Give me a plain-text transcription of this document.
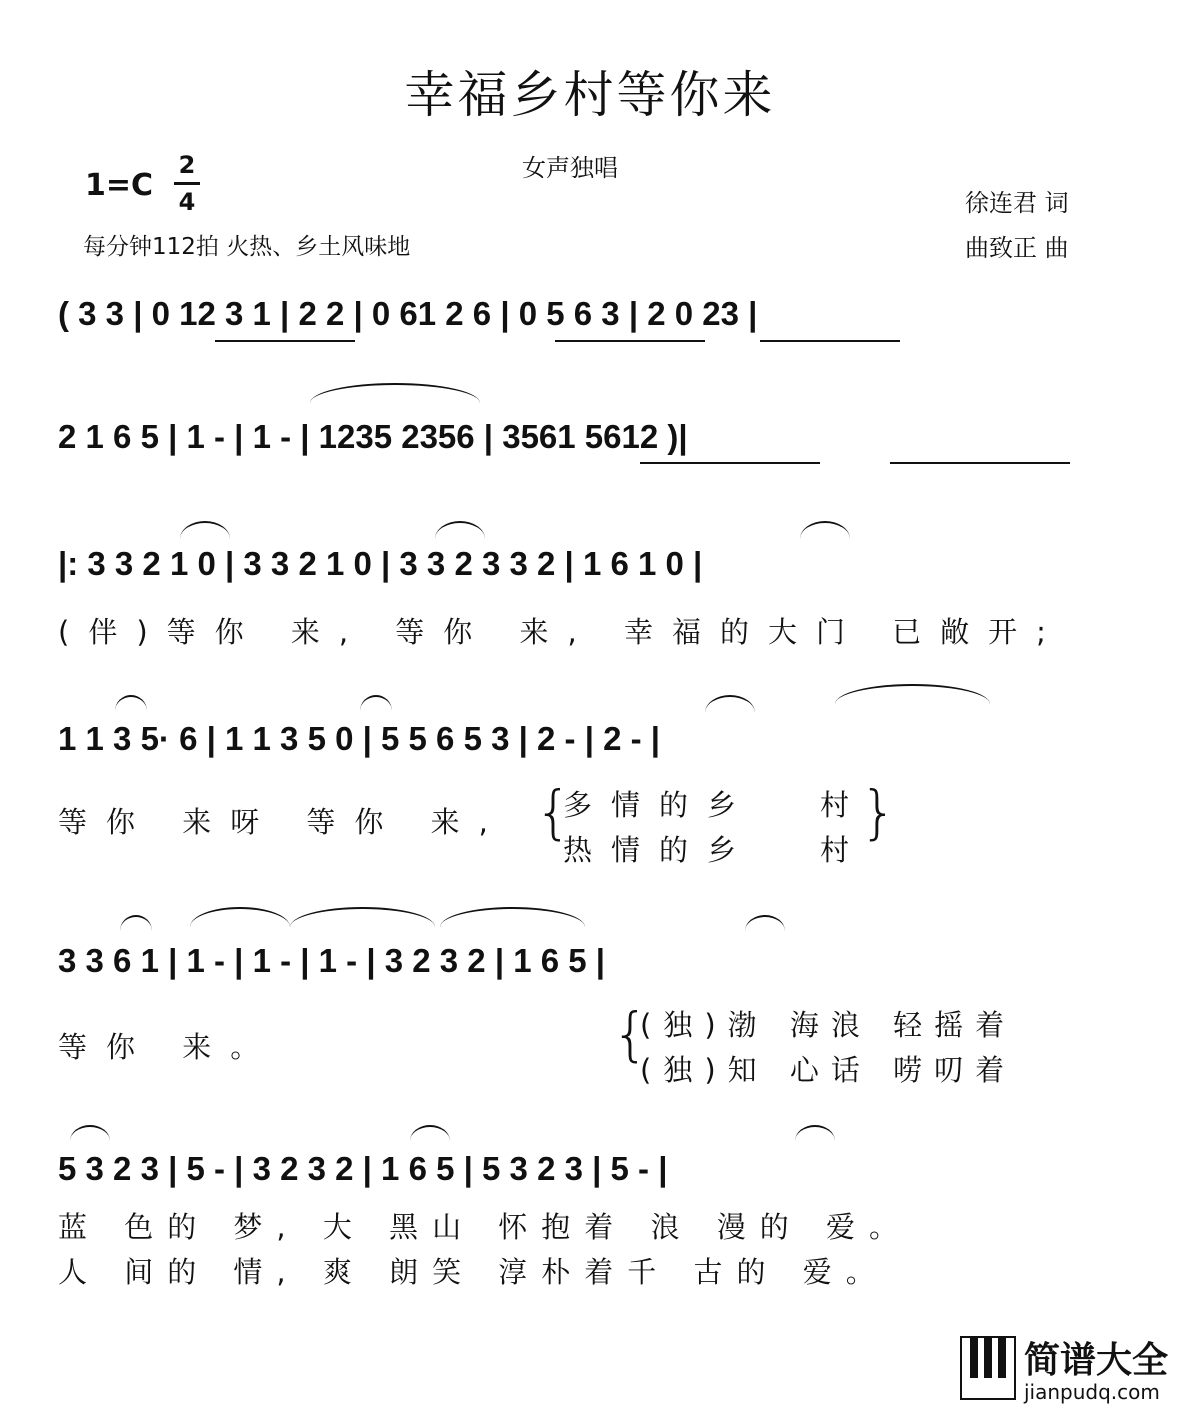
幸福乡村等你来
女声独唱
1=C
2
4
每分钟112拍 火热、乡土风味地
徐连君 词
曲致正 曲
( 3 3 | 0 12 3 1 | 2 2 | 0 61 2 6 | 0 5 6 3 | 2 0 23 |
2 1 6 5 | 1 - | 1 - | 1235 2356 | 3561 5612 )|
|: 3 3 2 1 0 | 3 3 2 1 0 | 3 3 2 3 3 2 | 1 6 1 0 |
(伴)等你 来, 等你 来, 幸福的大门 已敞开;
1 1 3 5· 6 | 1 1 3 5 0 | 5 5 6 5 3 | 2 - | 2 - |
等你 来呀 等你 来, {
多情的乡 村
热情的乡 村
}
3 3 6 1 | 1 - | 1 - | 1 - | 3 2 3 2 | 1 6 5 |
等你 来。	{
(独)渤 海浪 轻摇着
(独)知 心话 唠叨着
5 3 2 3 | 5 - | 3 2 3 2 | 1 6 5 | 5 3 2 3 | 5 - |
蓝 色的 梦, 大 黑山 怀抱着 浪 漫的 爱。
人 间的 情, 爽 朗笑 淳朴着千 古的 爱。
简谱大全
jianpudq.com
